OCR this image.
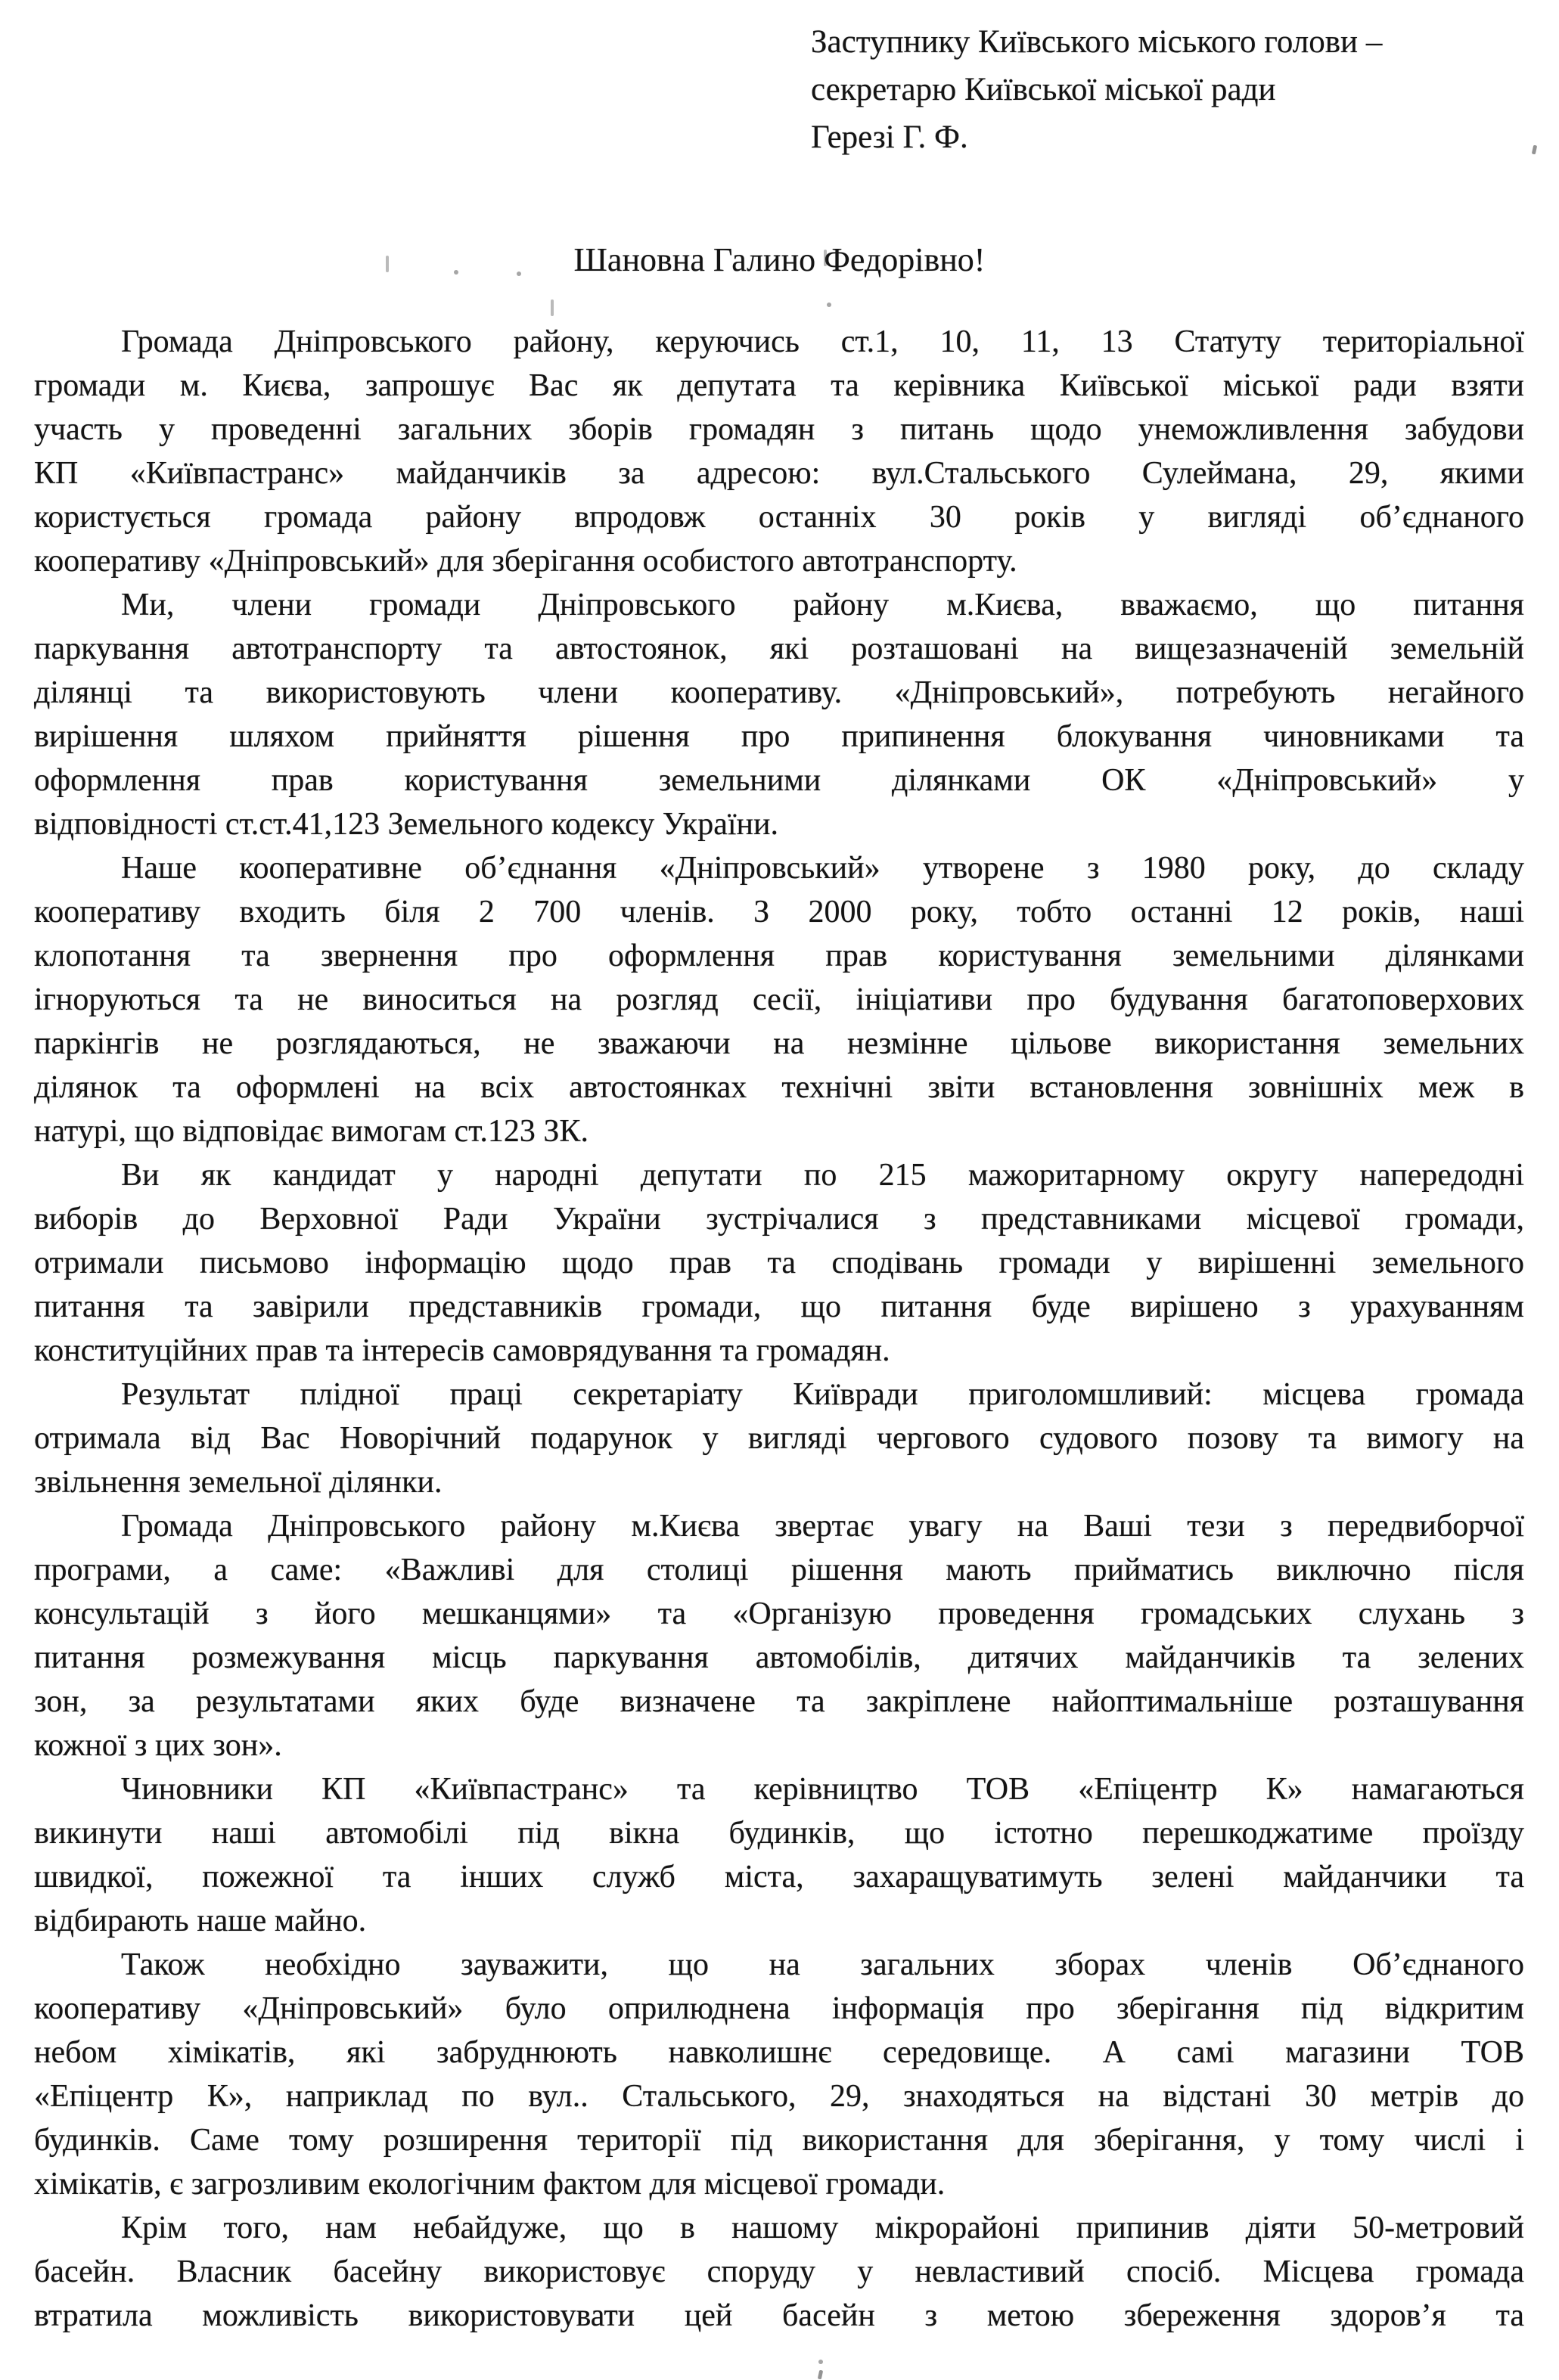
Заступнику Київського міського голови –
секретарю Київської міської ради
Герезі Г. Ф.
Шановна Галино Федорівно!
Громада Дніпровського району, керуючись ст.1, 10, 11, 13 Статуту територіальної
громади м. Києва, запрошує Вас як депутата та керівника Київської міської ради взяти
участь у проведенні загальних зборів громадян з питань щодо унеможливлення забудови
КП «Київпастранс» майданчиків за адресою: вул.Стальського Сулеймана, 29, якими
користується громада району впродовж останніх 30 років у вигляді об’єднаного
кооперативу «Дніпровський» для зберігання особистого автотранспорту.
Ми, члени громади Дніпровського району м.Києва, вважаємо, що питання
паркування автотранспорту та автостоянок, які розташовані на вищезазначеній земельній
ділянці та використовують члени кооперативу. «Дніпровський», потребують негайного
вирішення шляхом прийняття рішення про припинення блокування чиновниками та
оформлення прав користування земельними ділянками ОК «Дніпровський» у
відповідності ст.ст.41,123 Земельного кодексу України.
Наше кооперативне об’єднання «Дніпровський» утворене з 1980 року, до складу
кооперативу входить біля 2 700 членів. З 2000 року, тобто останні 12 років, наші
клопотання та звернення про оформлення прав користування земельними ділянками
ігноруються та не виноситься на розгляд сесії, ініціативи про будування багатоповерхових
паркінгів не розглядаються, не зважаючи на незмінне цільове використання земельних
ділянок та оформлені на всіх автостоянках технічні звіти встановлення зовнішніх меж в
натурі, що відповідає вимогам ст.123 ЗК.
Ви як кандидат у народні депутати по 215 мажоритарному округу напередодні
виборів до Верховної Ради України зустрічалися з представниками місцевої громади,
отримали письмово інформацію щодо прав та сподівань громади у вирішенні земельного
питання та завірили представників громади, що питання буде вирішено з урахуванням
конституційних прав та інтересів самоврядування та громадян.
Результат плідної праці секретаріату Київради приголомшливий: місцева громада
отримала від Вас Новорічний подарунок у вигляді чергового судового позову та вимогу на
звільнення земельної ділянки.
Громада Дніпровського району м.Києва звертає увагу на Ваші тези з передвиборчої
програми, а саме: «Важливі для столиці рішення мають прийматись виключно після
консультацій з його мешканцями» та «Організую проведення громадських слухань з
питання розмежування місць паркування автомобілів, дитячих майданчиків та зелених
зон, за результатами яких буде визначене та закріплене найоптимальніше розташування
кожної з цих зон».
Чиновники КП «Київпастранс» та керівництво ТОВ «Епіцентр К» намагаються
викинути наші автомобілі під вікна будинків, що істотно перешкоджатиме проїзду
швидкої, пожежної та інших служб міста, захаращуватимуть зелені майданчики та
відбирають наше майно.
Також необхідно зауважити, що на загальних зборах членів Об’єднаного
кооперативу «Дніпровський» було оприлюднена інформація про зберігання під відкритим
небом хімікатів, які забруднюють навколишнє середовище. А самі магазини ТОВ
«Епіцентр К», наприклад по вул.. Стальського, 29, знаходяться на відстані 30 метрів до
будинків. Саме тому розширення території під використання для зберігання, у тому числі і
хімікатів, є загрозливим екологічним фактом для місцевої громади.
Крім того, нам небайдуже, що в нашому мікрорайоні припинив діяти 50-метровий
басейн. Власник басейну використовує споруду у невластивий спосіб. Місцева громада
втратила можливість використовувати цей басейн з метою збереження здоров’я та
